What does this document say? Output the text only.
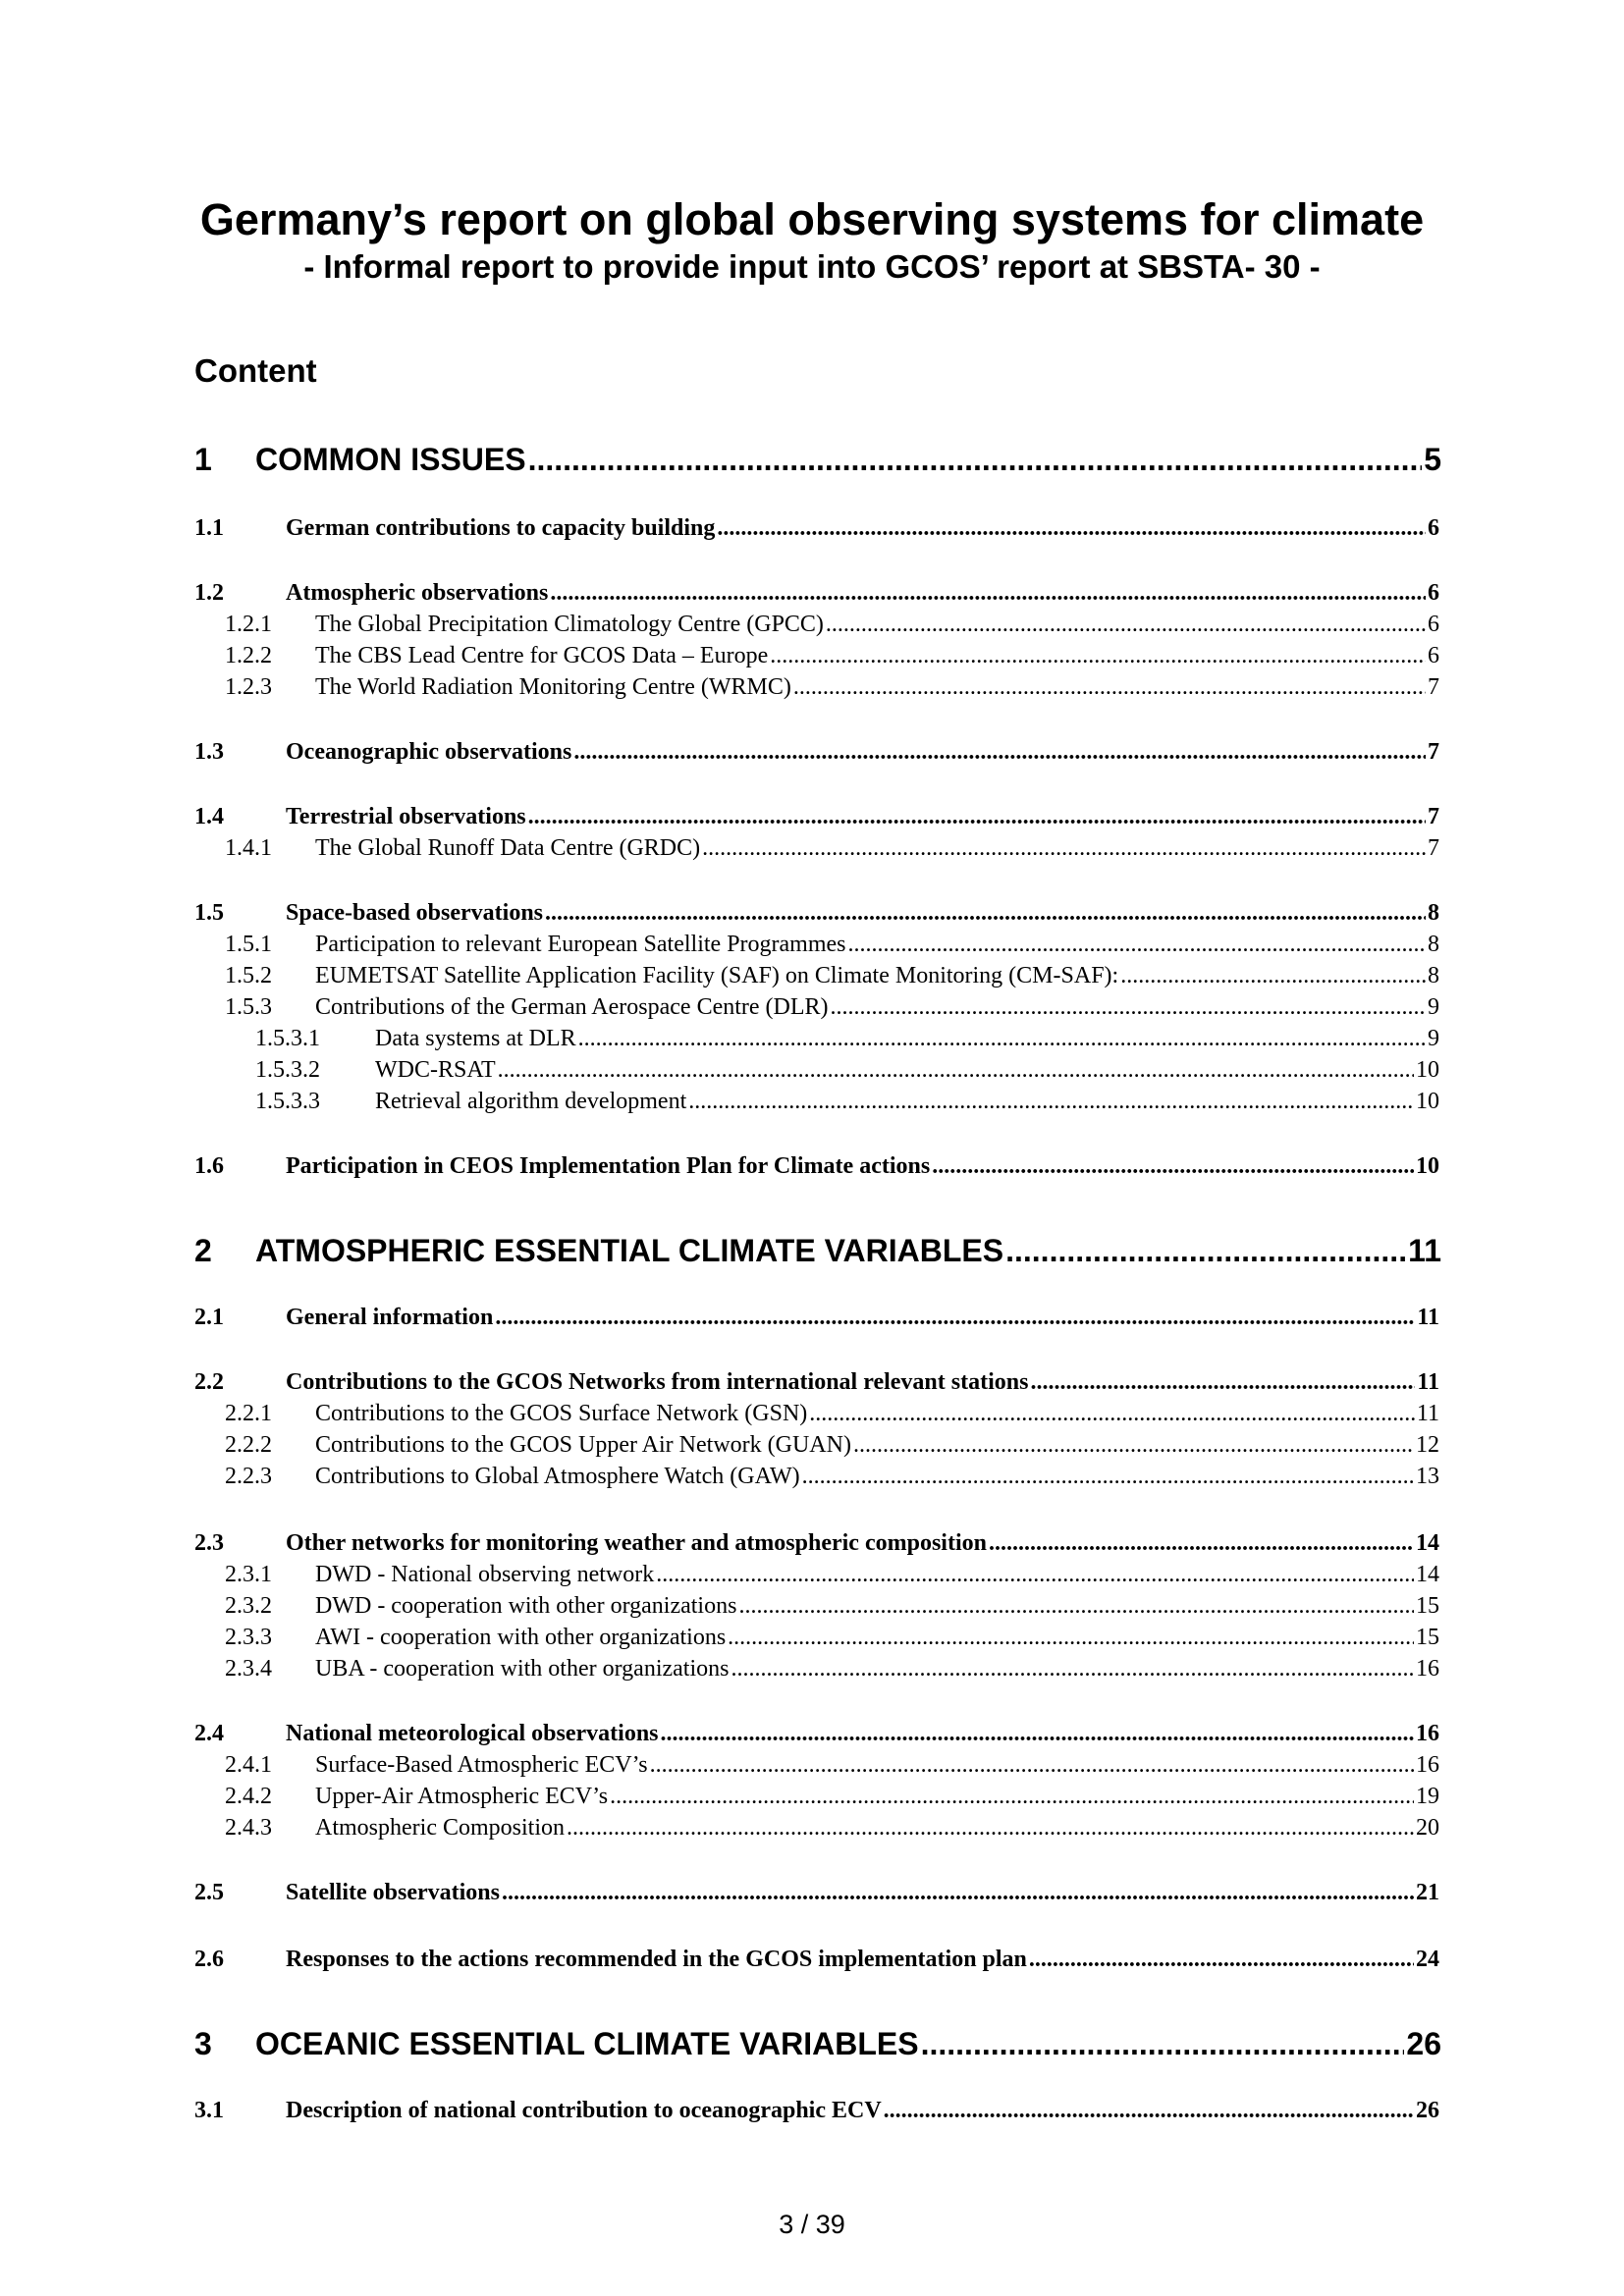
Germany’s report on global observing systems for climate
- Informal report to provide input into GCOS’ report at SBSTA- 30 -
Content
1	COMMON ISSUES .....	5
1.1	German contributions to capacity building .....	6
1.2	Atmospheric observations .....	6
1.2.1	The Global Precipitation Climatology Centre (GPCC) .....	6
1.2.2	The CBS Lead Centre for GCOS Data – Europe .....	6
1.2.3	The World Radiation Monitoring Centre (WRMC) .....	7
1.3	Oceanographic observations .....	7
1.4	Terrestrial observations .....	7
1.4.1	The Global Runoff Data Centre (GRDC) .....	7
1.5	Space-based observations .....	8
1.5.1	Participation to relevant European Satellite Programmes .....	8
1.5.2	EUMETSAT Satellite Application Facility (SAF) on Climate Monitoring (CM-SAF): .....	8
1.5.3	Contributions of the German Aerospace Centre (DLR) .....	9
1.5.3.1	Data systems at DLR .....	9
1.5.3.2	WDC-RSAT .....	10
1.5.3.3	Retrieval algorithm development .....	10
1.6	Participation in CEOS Implementation Plan for Climate actions .....	10
2	ATMOSPHERIC ESSENTIAL CLIMATE VARIABLES .....	11
2.1	General information .....	11
2.2	Contributions to the GCOS Networks from international relevant stations .....	11
2.2.1	Contributions to the GCOS Surface Network (GSN) .....	11
2.2.2	Contributions to the GCOS Upper Air Network (GUAN) .....	12
2.2.3	Contributions to Global Atmosphere Watch (GAW) .....	13
2.3	Other networks for monitoring weather and atmospheric composition .....	14
2.3.1	DWD - National observing network .....	14
2.3.2	DWD - cooperation with other organizations .....	15
2.3.3	AWI - cooperation with other organizations .....	15
2.3.4	UBA - cooperation with other organizations .....	16
2.4	National meteorological observations .....	16
2.4.1	Surface-Based Atmospheric ECV’s .....	16
2.4.2	Upper-Air Atmospheric ECV’s .....	19
2.4.3	Atmospheric Composition .....	20
2.5	Satellite observations .....	21
2.6	Responses to the actions recommended in the GCOS implementation plan .....	24
3	OCEANIC ESSENTIAL CLIMATE VARIABLES .....	26
3.1	Description of national contribution to oceanographic ECV .....	26
3 / 39
